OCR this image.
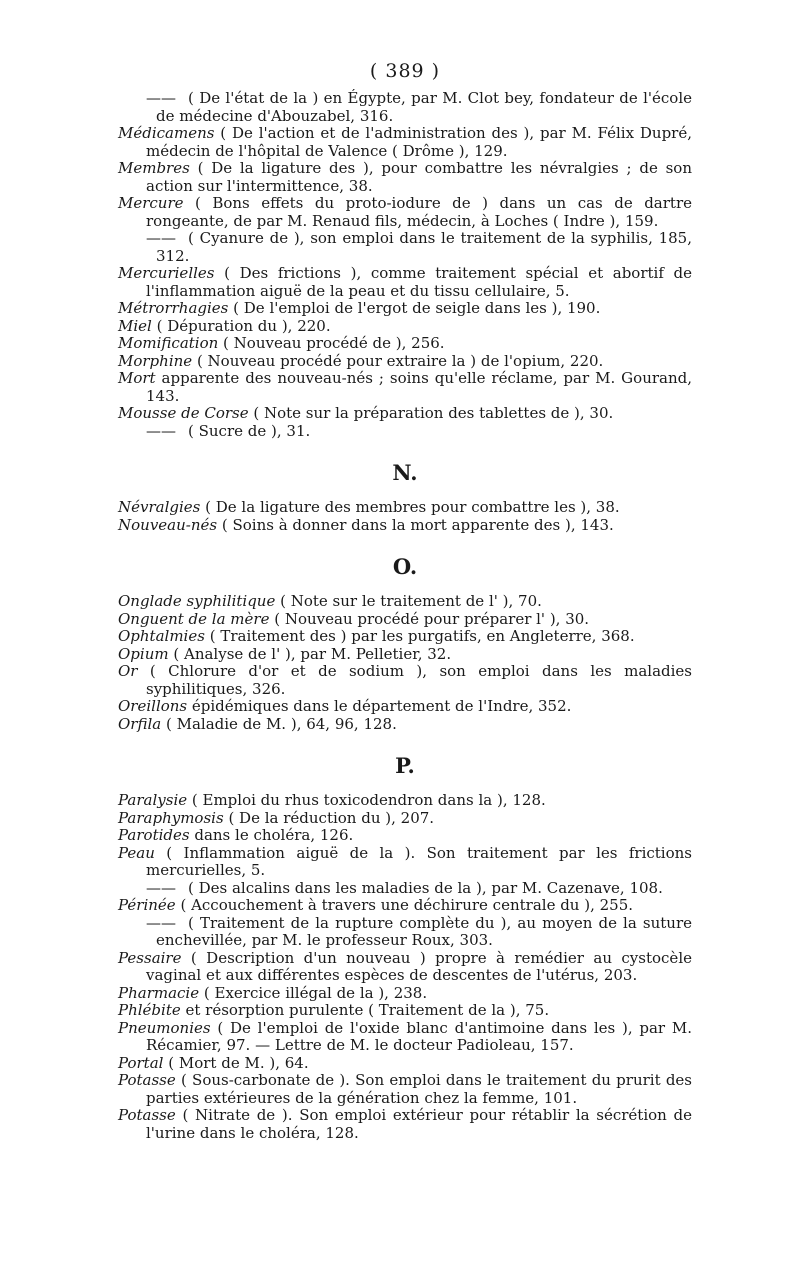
( 389 )
—— ( De l'état de la ) en Égypte, par M. Clot bey, fondateur de l'école de médecine d'Abouzabel, 316.
Médicamens ( De l'action et de l'administration des ), par M. Félix Dupré, médecin de l'hôpital de Valence ( Drôme ), 129.
Membres ( De la ligature des ), pour combattre les névralgies ; de son action sur l'intermittence, 38.
Mercure ( Bons effets du proto-iodure de ) dans un cas de dartre rongeante, de par M. Renaud fils, médecin, à Loches ( Indre ), 159.
—— ( Cyanure de ), son emploi dans le traitement de la syphilis, 185, 312.
Mercurielles ( Des frictions ), comme traitement spécial et abortif de l'inflammation aiguë de la peau et du tissu cellulaire, 5.
Métrorrhagies ( De l'emploi de l'ergot de seigle dans les ), 190.
Miel ( Dépuration du ), 220.
Momification ( Nouveau procédé de ), 256.
Morphine ( Nouveau procédé pour extraire la ) de l'opium, 220.
Mort apparente des nouveau-nés ; soins qu'elle réclame, par M. Gourand, 143.
Mousse de Corse ( Note sur la préparation des tablettes de ), 30.
—— ( Sucre de ), 31.
N.
Névralgies ( De la ligature des membres pour combattre les ), 38.
Nouveau-nés ( Soins à donner dans la mort apparente des ), 143.
O.
Onglade syphilitique ( Note sur le traitement de l' ), 70.
Onguent de la mère ( Nouveau procédé pour préparer l' ), 30.
Ophtalmies ( Traitement des ) par les purgatifs, en Angleterre, 368.
Opium ( Analyse de l' ), par M. Pelletier, 32.
Or ( Chlorure d'or et de sodium ), son emploi dans les maladies syphilitiques, 326.
Oreillons épidémiques dans le département de l'Indre, 352.
Orfila ( Maladie de M. ), 64, 96, 128.
P.
Paralysie ( Emploi du rhus toxicodendron dans la ), 128.
Paraphymosis ( De la réduction du ), 207.
Parotides dans le choléra, 126.
Peau ( Inflammation aiguë de la ). Son traitement par les frictions mercurielles, 5.
—— ( Des alcalins dans les maladies de la ), par M. Cazenave, 108.
Périnée ( Accouchement à travers une déchirure centrale du ), 255.
—— ( Traitement de la rupture complète du ), au moyen de la suture enchevillée, par M. le professeur Roux, 303.
Pessaire ( Description d'un nouveau ) propre à remédier au cystocèle vaginal et aux différentes espèces de descentes de l'utérus, 203.
Pharmacie ( Exercice illégal de la ), 238.
Phlébite et résorption purulente ( Traitement de la ), 75.
Pneumonies ( De l'emploi de l'oxide blanc d'antimoine dans les ), par M. Récamier, 97. — Lettre de M. le docteur Padioleau, 157.
Portal ( Mort de M. ), 64.
Potasse ( Sous-carbonate de ). Son emploi dans le traitement du prurit des parties extérieures de la génération chez la femme, 101.
Potasse ( Nitrate de ). Son emploi extérieur pour rétablir la sécrétion de l'urine dans le choléra, 128.
